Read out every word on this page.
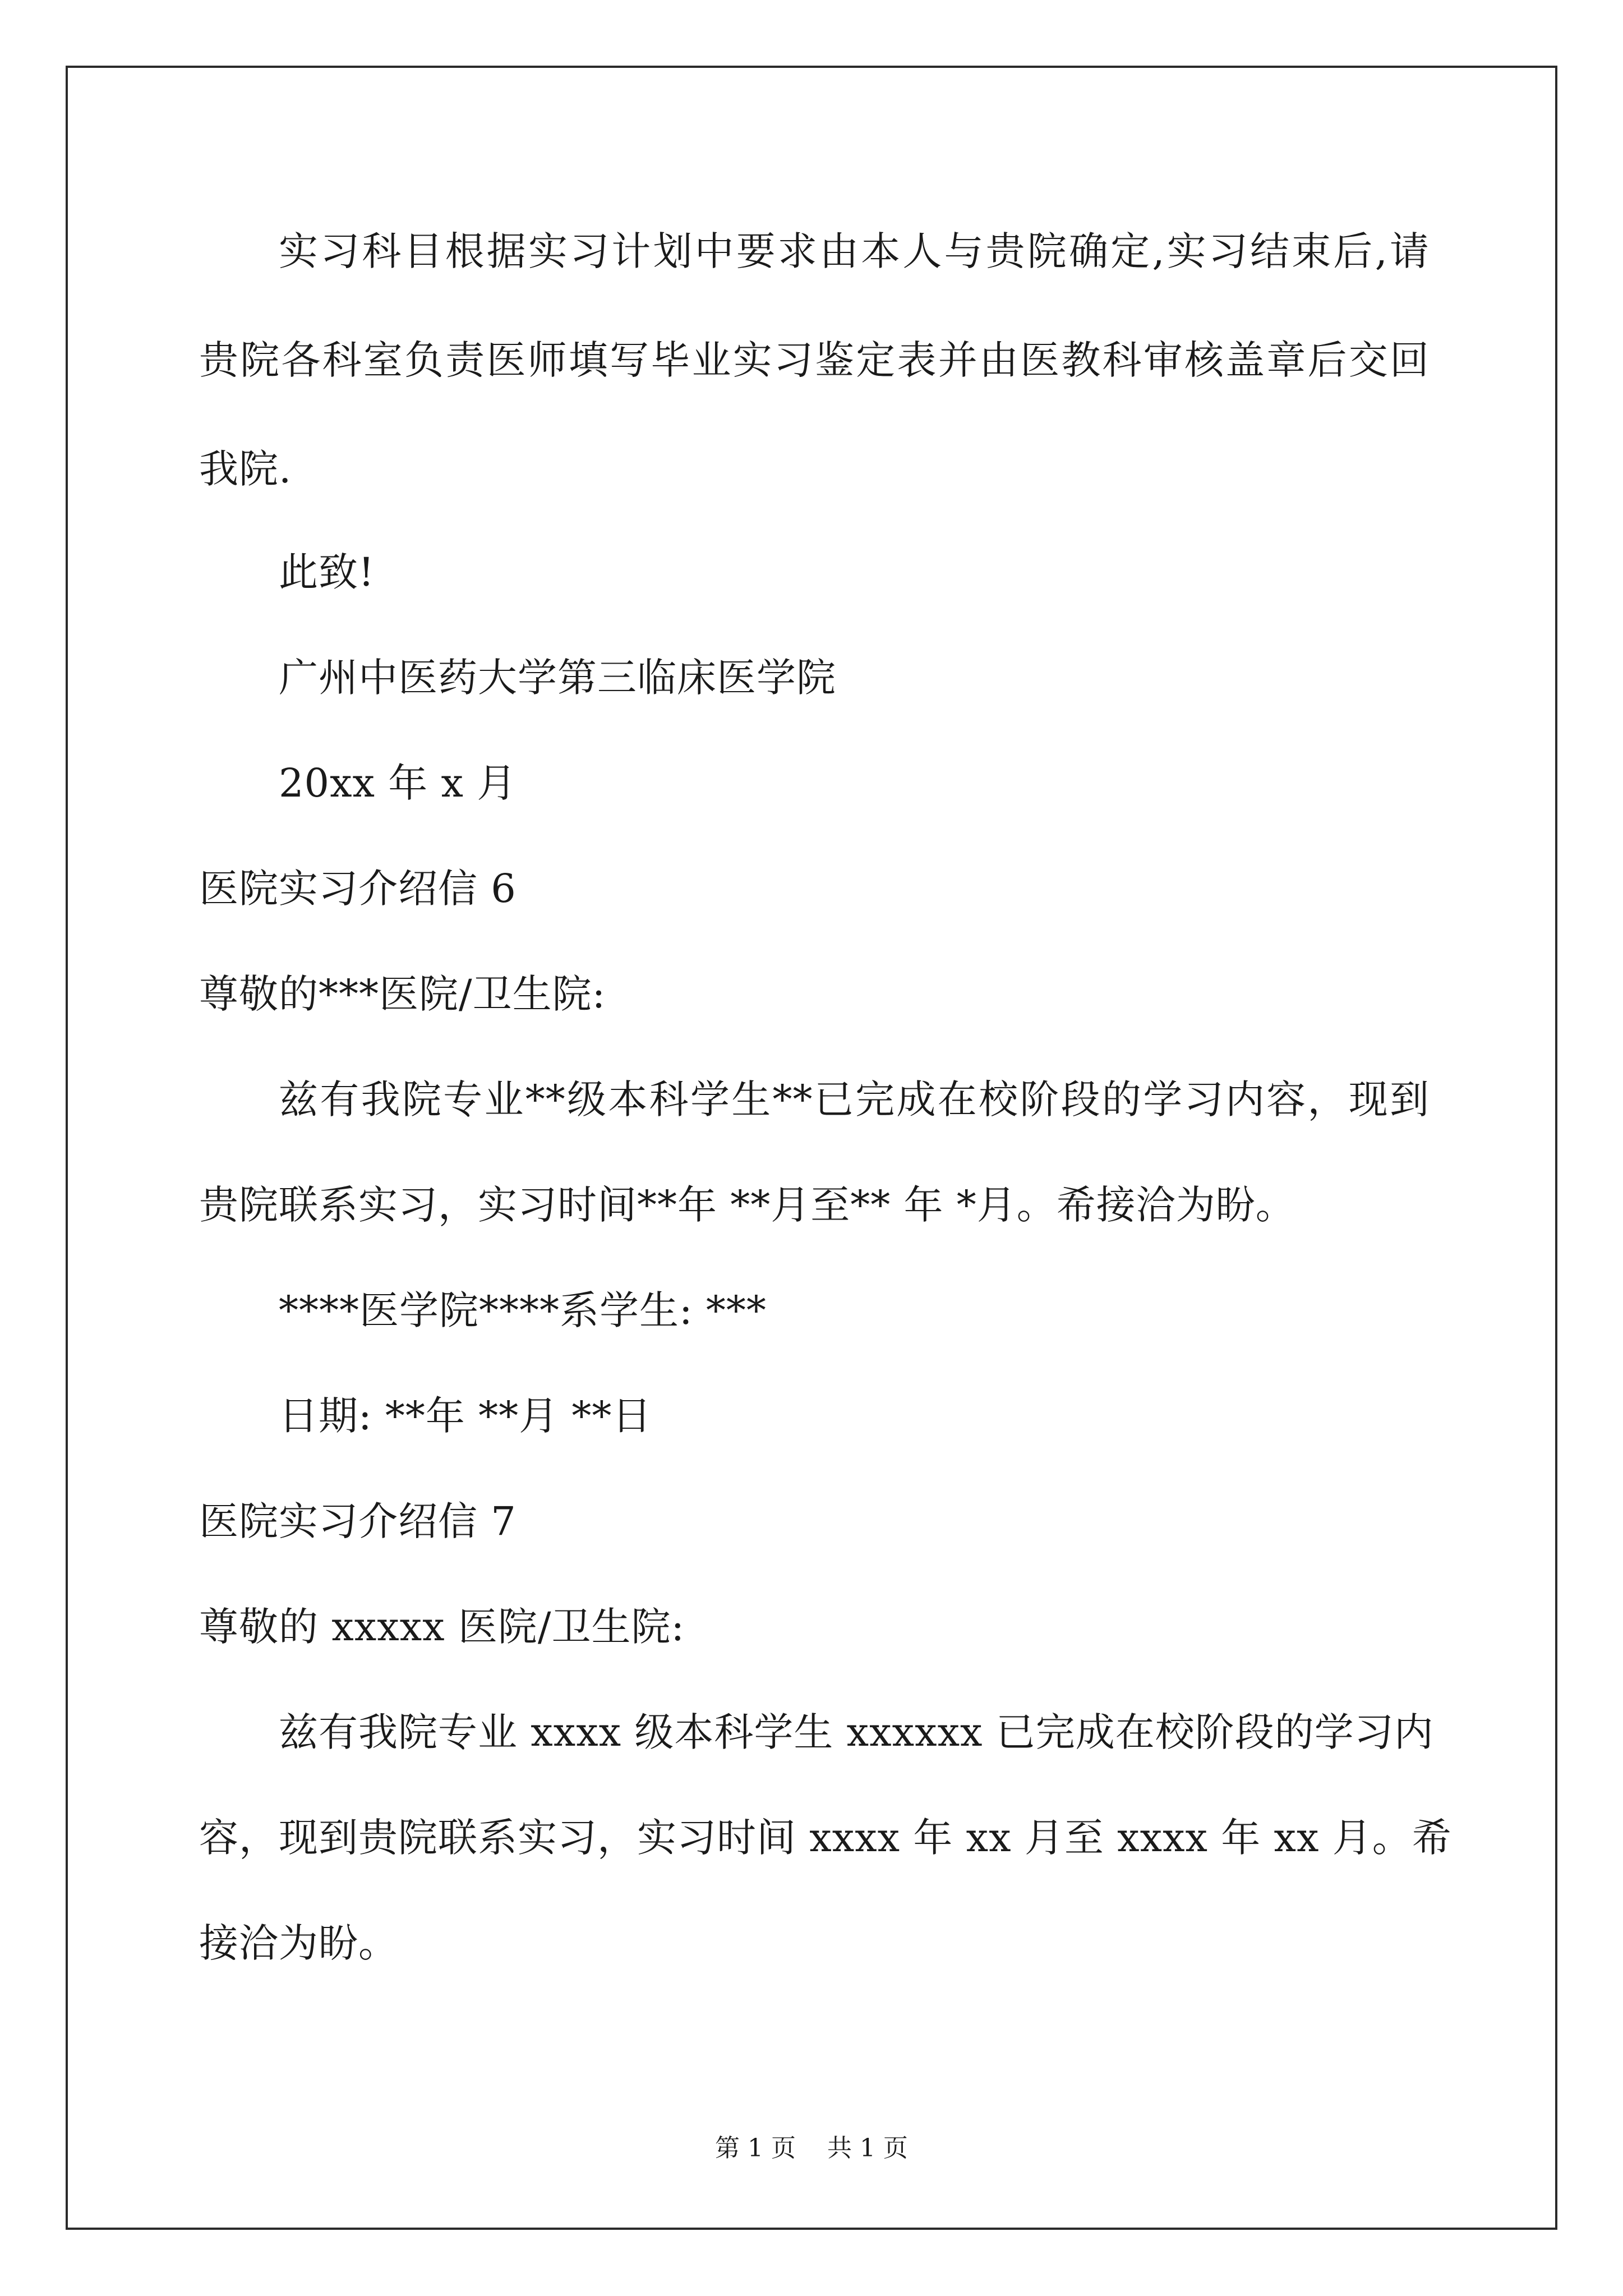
实习科目根据实习计划中要求由本人与贵院确定,实习结束后,请
贵院各科室负责医师填写毕业实习鉴定表并由医教科审核盖章后交回
我院.
此致!
广州中医药大学第三临床医学院
20xx 年 x 月
医院实习介绍信 6
尊敬的***医院/卫生院:
兹有我院专业**级本科学生**已完成在校阶段的学习内容，现到
贵院联系实习，实习时间**年 **月至** 年 *月。希接洽为盼。
****医学院****系学生: ***
日期: **年 **月 **日
医院实习介绍信 7
尊敬的 xxxxx 医院/卫生院:
兹有我院专业 xxxx 级本科学生 xxxxxx 已完成在校阶段的学习内
容，现到贵院联系实习，实习时间 xxxx 年 xx 月至 xxxx 年 xx 月。希
接洽为盼。
第 1 页    共 1 页
